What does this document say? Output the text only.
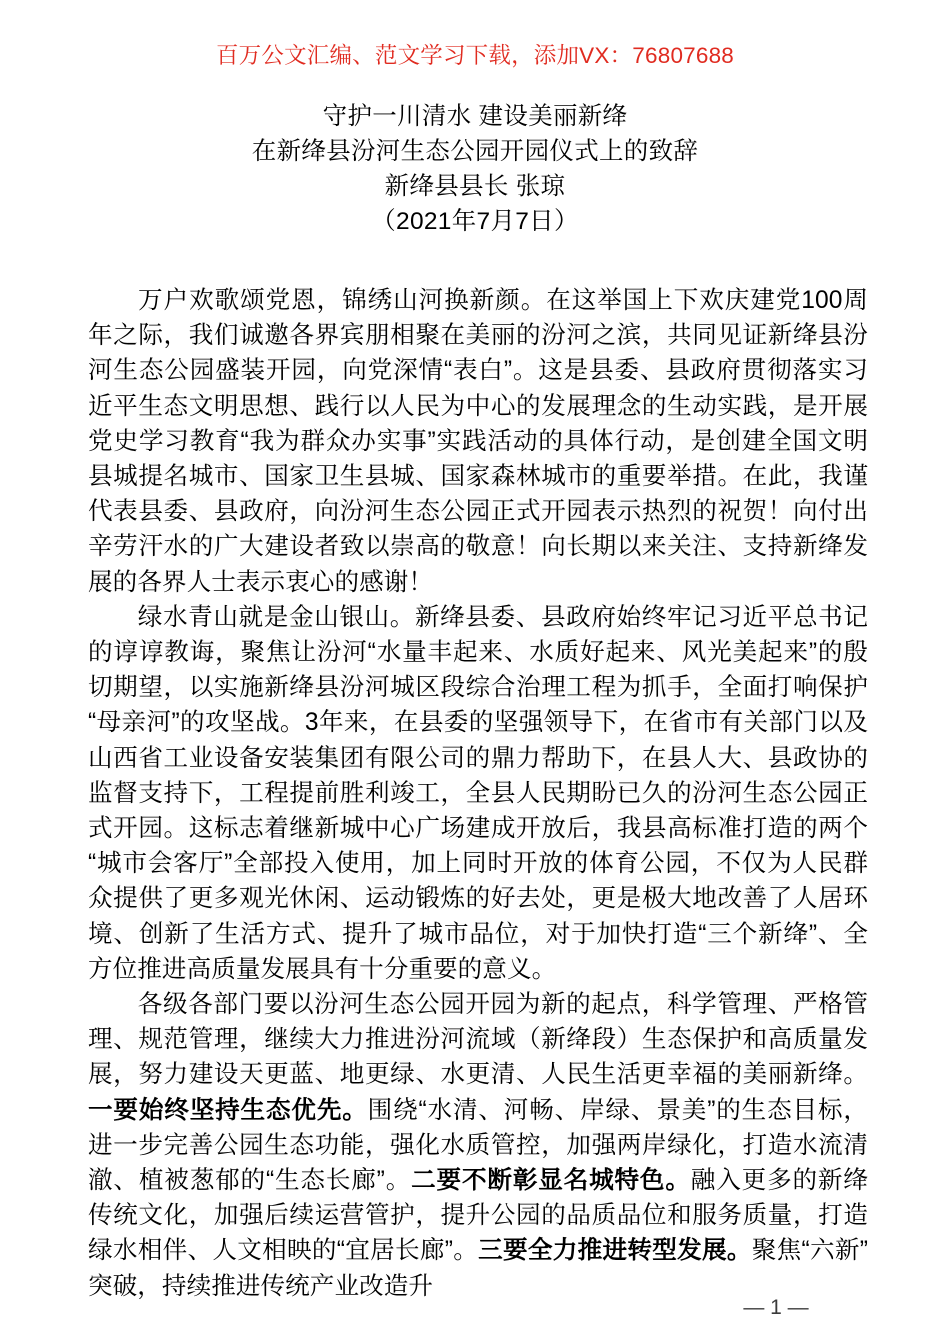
百万公文汇编、范文学习下载，添加VX：76807688
守护一川清水 建设美丽新绛
在新绛县汾河生态公园开园仪式上的致辞
新绛县县长 张琼
（2021年7月7日）

万户欢歌颂党恩，锦绣山河换新颜。在这举国上下欢庆建党100周年之际，我们诚邀各界宾朋相聚在美丽的汾河之滨，共同见证新绛县汾河生态公园盛装开园，向党深情“表白”。这是县委、县政府贯彻落实习近平生态文明思想、践行以人民为中心的发展理念的生动实践，是开展党史学习教育“我为群众办实事”实践活动的具体行动，是创建全国文明县城提名城市、国家卫生县城、国家森林城市的重要举措。在此，我谨代表县委、县政府，向汾河生态公园正式开园表示热烈的祝贺！向付出辛劳汗水的广大建设者致以崇高的敬意！向长期以来关注、支持新绛发展的各界人士表示衷心的感谢！

绿水青山就是金山银山。新绛县委、县政府始终牢记习近平总书记的谆谆教诲，聚焦让汾河“水量丰起来、水质好起来、风光美起来”的殷切期望，以实施新绛县汾河城区段综合治理工程为抓手，全面打响保护“母亲河”的攻坚战。3年来，在县委的坚强领导下，在省市有关部门以及山西省工业设备安装集团有限公司的鼎力帮助下，在县人大、县政协的监督支持下，工程提前胜利竣工，全县人民期盼已久的汾河生态公园正式开园。这标志着继新城中心广场建成开放后，我县高标准打造的两个“城市会客厅”全部投入使用，加上同时开放的体育公园，不仅为人民群众提供了更多观光休闲、运动锻炼的好去处，更是极大地改善了人居环境、创新了生活方式、提升了城市品位，对于加快打造“三个新绛”、全方位推进高质量发展具有十分重要的意义。

各级各部门要以汾河生态公园开园为新的起点，科学管理、严格管理、规范管理，继续大力推进汾河流域（新绛段）生态保护和高质量发展，努力建设天更蓝、地更绿、水更清、人民生活更幸福的美丽新绛。一要始终坚持生态优先。围绕“水清、河畅、岸绿、景美”的生态目标，进一步完善公园生态功能，强化水质管控，加强两岸绿化，打造水流清澈、植被葱郁的“生态长廊”。二要不断彰显名城特色。融入更多的新绛传统文化，加强后续运营管护，提升公园的品质品位和服务质量，打造绿水相伴、人文相映的“宜居长廊”。三要全力推进转型发展。聚焦“六新”突破，持续推进传统产业改造升

— 1 —
